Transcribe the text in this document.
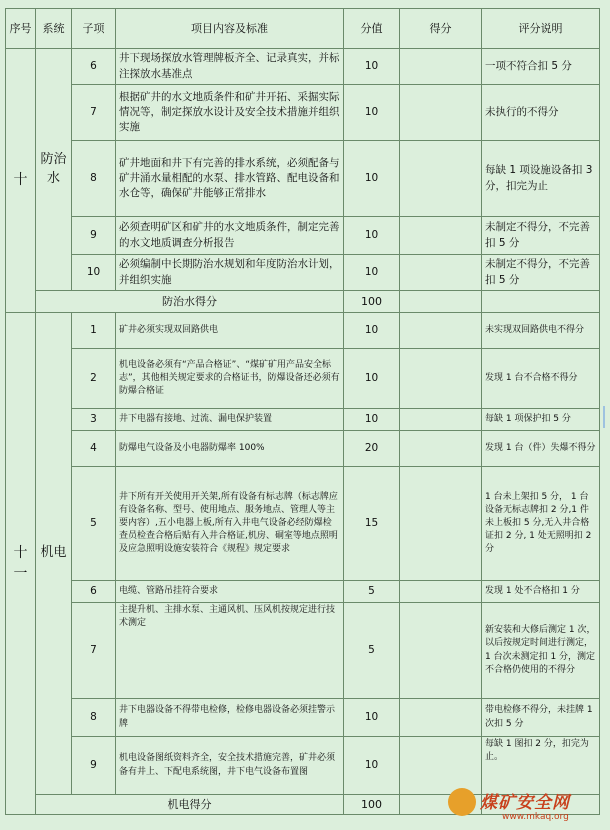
序号	系统	子项	项目内容及标准	分值	得分	评分说明
十	防治水	6	井下现场探放水管理牌板齐全、记录真实，并标注探放水基准点	10		一项不符合扣 5 分
		7	根据矿井的水文地质条件和矿井开拓、采掘实际情况等，制定探放水设计及安全技术措施并组织实施	10		未执行的不得分
		8	矿井地面和井下有完善的排水系统，必须配备与矿井涌水量相配的水泵、排水管路、配电设备和水仓等，确保矿井能够正常排水	10		每缺 1 项设施设备扣 3 分，扣完为止
		9	必须查明矿区和矿井的水文地质条件，制定完善的水文地质调查分析报告	10		未制定不得分，不完善扣 5 分
		10	必须编制中长期防治水规划和年度防治水计划，并组织实施	10		未制定不得分，不完善扣 5 分
	防治水得分			100		
十一	机电	1	矿井必须实现双回路供电	10		未实现双回路供电不得分
		2	机电设备必须有“产品合格证”、“煤矿矿用产品安全标志”，其他相关规定要求的合格证书，防爆设备还必须有防爆合格证	10		发现 1 台不合格不得分
		3	井下电器有接地、过流、漏电保护装置	10		每缺 1 项保护扣 5 分
		4	防爆电气设备及小电器防爆率 100%	20		发现 1 台（件）失爆不得分
		5	井下所有开关使用开关架,所有设备有标志牌（标志牌应有设备名称、型号、使用地点、服务地点、管理人等主要内容）,五小电器上板,所有入井电气设备必经防爆检查员检查合格后贴有入井合格证,机房、硐室等地点照明及应急照明设施安装符合《规程》规定要求	15		1 台未上架扣 5 分， 1 台设备无标志牌扣 2 分,1 件未上板扣 5 分,无入井合格证扣 2 分, 1 处无照明扣 2 分
		6	电缆、管路吊挂符合要求	5		发现 1 处不合格扣 1 分
		7	主提升机、主排水泵、主通风机、压风机按规定进行技术测定	5		新安装和大修后测定 1 次，以后按规定时间进行测定，1 台次未测定扣 1 分，测定不合格仍使用的不得分
		8	井下电器设备不得带电检修，检修电器设备必须挂警示牌	10		带电检修不得分，未挂牌 1 次扣 5 分
		9	机电设备图纸资料齐全，安全技术措施完善，矿井必须备有井上、下配电系统图，井下电气设备布置图	10		每缺 1 图扣 2 分，扣完为止。
	机电得分			100			煤矿安全网
www.mkaq.org
